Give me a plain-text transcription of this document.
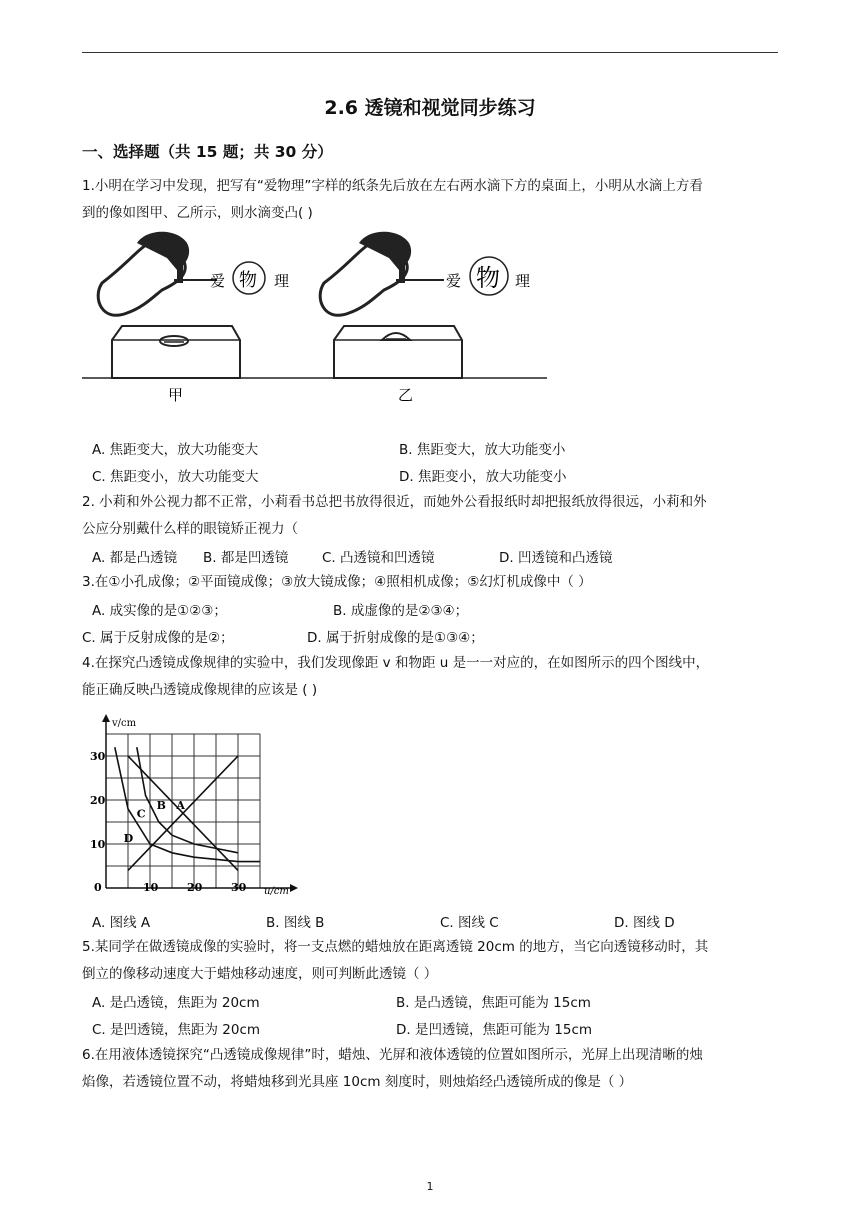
2.6 透镜和视觉同步练习
一、选择题（共 15 题；共 30 分）
1.小明在学习中发现，把写有“爱物理”字样的纸条先后放在左右两水滴下方的桌面上，小明从水滴上方看
到的像如图甲、乙所示，则水滴变凸( )
爱 物 理
甲
爱 物 理
乙
A. 焦距变大，放大功能变大	B. 焦距变大，放大功能变小
C. 焦距变小，放大功能变大	D. 焦距变小，放大功能变小
2. 小莉和外公视力都不正常，小莉看书总把书放得很近，而她外公看报纸时却把报纸放得很远，小莉和外
公应分别戴什么样的眼镜矫正视力（
A. 都是凸透镜 B. 都是凹透镜 C. 凸透镜和凹透镜	D. 凹透镜和凸透镜
3.在①小孔成像；②平面镜成像；③放大镜成像；④照相机成像；⑤幻灯机成像中（ ）
A. 成实像的是①②③；	B. 成虚像的是②③④；
C. 属于反射成像的是②；	D. 属于折射成像的是①③④；
4.在探究凸透镜成像规律的实验中，我们发现像距 v 和物距 u 是一一对应的，在如图所示的四个图线中，
能正确反映凸透镜成像规律的应该是 ( )
v/cm
u/cm
0	10	20	30
10
20
30
A
B
C
D
A. 图线 A	B. 图线 B	C. 图线 C	D. 图线 D
5.某同学在做透镜成像的实验时，将一支点燃的蜡烛放在距离透镜 20cm 的地方，当它向透镜移动时，其
倒立的像移动速度大于蜡烛移动速度，则可判断此透镜（ ）
A. 是凸透镜，焦距为 20cm	B. 是凸透镜，焦距可能为 15cm
C. 是凹透镜，焦距为 20cm	D. 是凹透镜，焦距可能为 15cm
6.在用液体透镜探究“凸透镜成像规律”时，蜡烛、光屏和液体透镜的位置如图所示，光屏上出现清晰的烛
焰像，若透镜位置不动，将蜡烛移到光具座 10cm 刻度时，则烛焰经凸透镜所成的像是（ ）
1
